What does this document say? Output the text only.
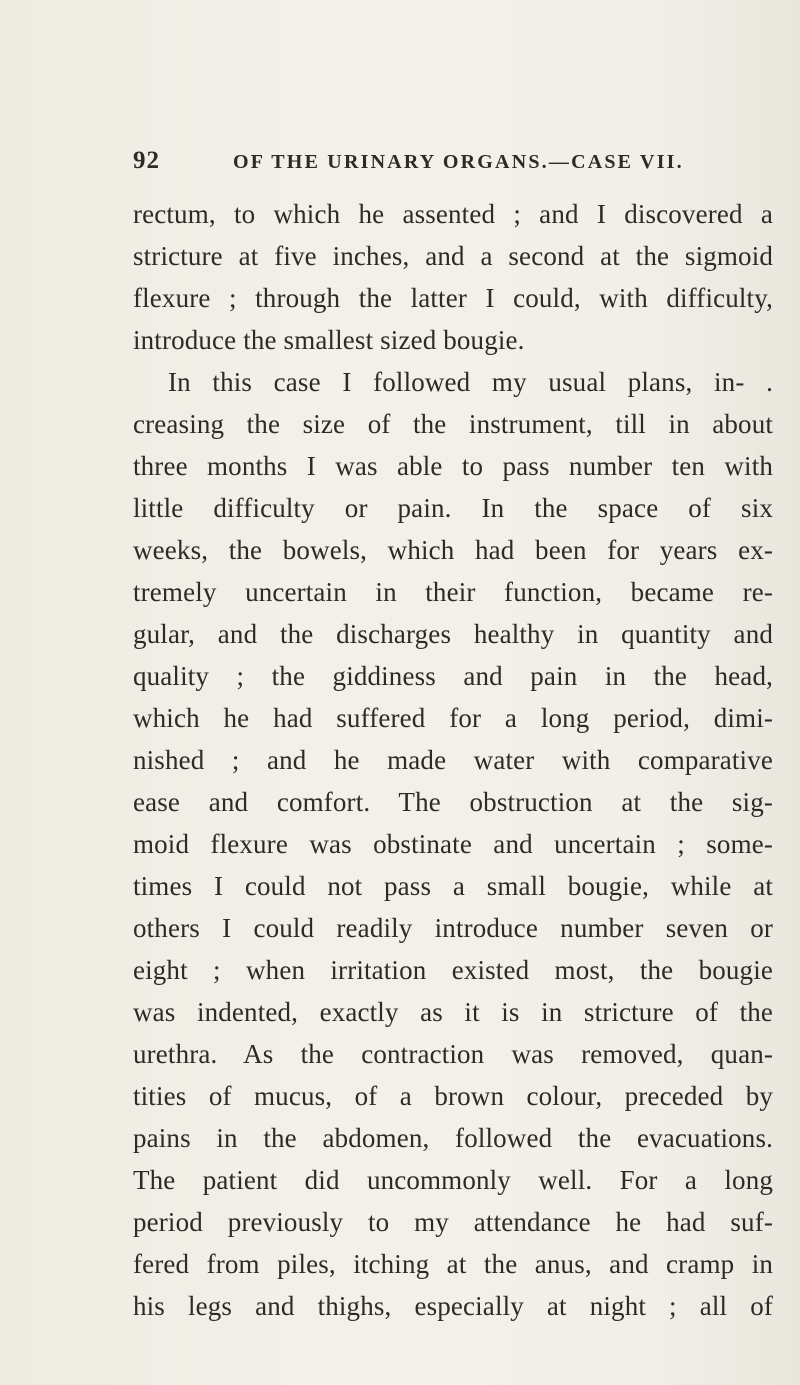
92	OF THE URINARY ORGANS.—CASE VII.
rectum, to which he assented ; and I discovered a
stricture at five inches, and a second at the sigmoid
flexure ; through the latter I could, with difficulty,
introduce the smallest sized bougie.
In this case I followed my usual plans, in- .
creasing the size of the instrument, till in about
three months I was able to pass number ten with
little difficulty or pain. In the space of six
weeks, the bowels, which had been for years ex-
tremely uncertain in their function, became re-
gular, and the discharges healthy in quantity and
quality ; the giddiness and pain in the head,
which he had suffered for a long period, dimi-
nished ; and he made water with comparative
ease and comfort. The obstruction at the sig-
moid flexure was obstinate and uncertain ; some-
times I could not pass a small bougie, while at
others I could readily introduce number seven or
eight ; when irritation existed most, the bougie
was indented, exactly as it is in stricture of the
urethra. As the contraction was removed, quan-
tities of mucus, of a brown colour, preceded by
pains in the abdomen, followed the evacuations.
The patient did uncommonly well. For a long
period previously to my attendance he had suf-
fered from piles, itching at the anus, and cramp in
his legs and thighs, especially at night ; all of
